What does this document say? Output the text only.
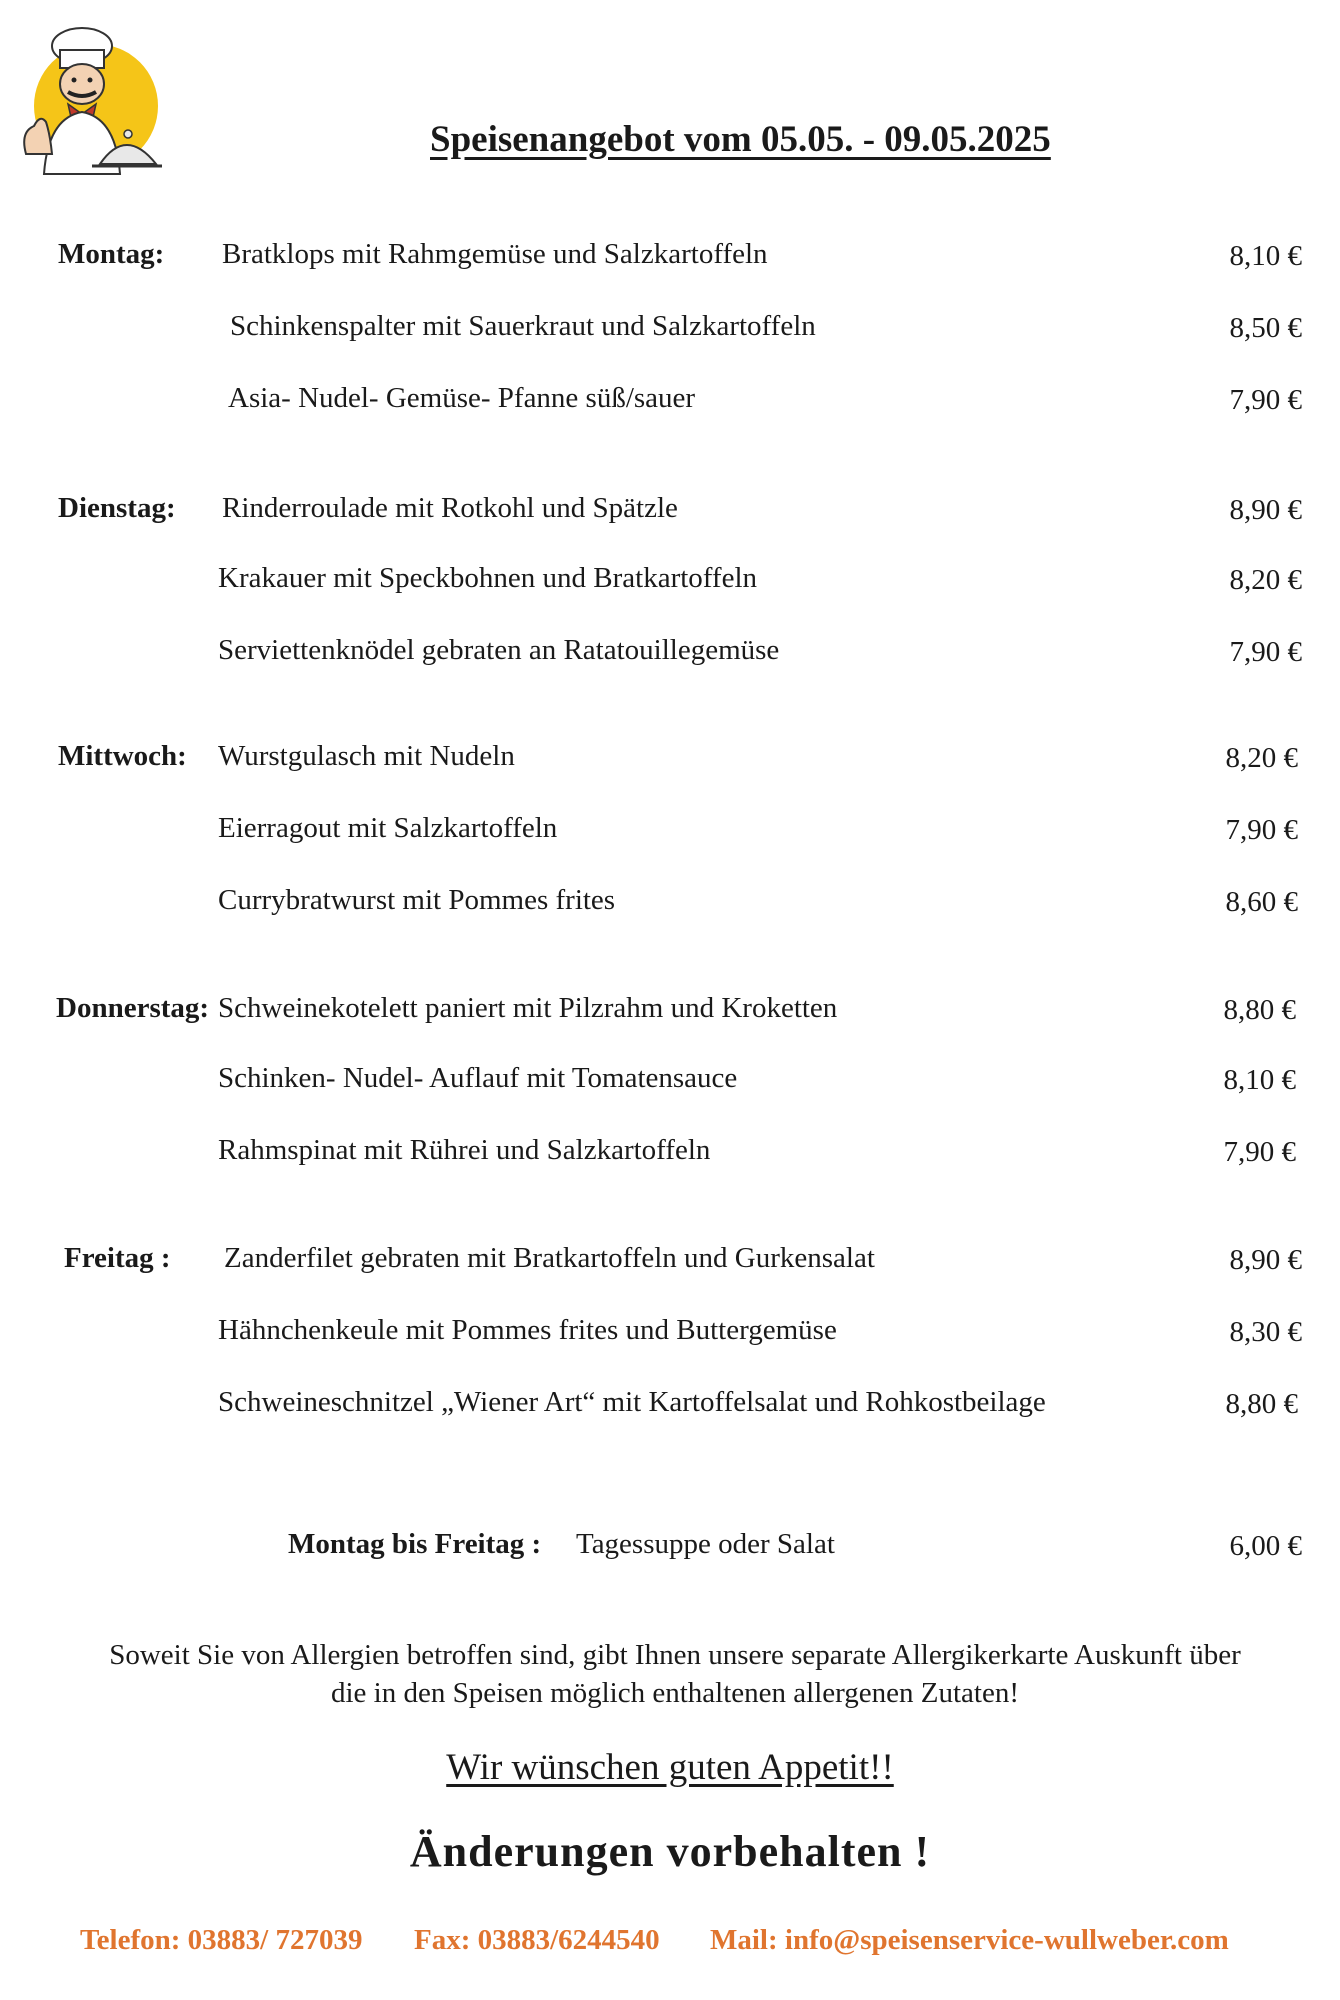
Speisenangebot vom 05.05. - 09.05.2025
Montag: Bratklops mit Rahmgemüse und Salzkartoffeln	8,10 €
Schinkenspalter mit Sauerkraut und Salzkartoffeln	8,50 €
Asia- Nudel- Gemüse- Pfanne süß/sauer	7,90 €
Dienstag: Rinderroulade mit Rotkohl und Spätzle	8,90 €
Krakauer mit Speckbohnen und Bratkartoffeln	8,20 €
Serviettenknödel gebraten an Ratatouillegemüse	7,90 €
Mittwoch: Wurstgulasch mit Nudeln	8,20 €
Eierragout mit Salzkartoffeln	7,90 €
Currybratwurst mit Pommes frites	8,60 €
Donnerstag: Schweinekotelett paniert mit Pilzrahm und Kroketten	8,80 €
Schinken- Nudel- Auflauf mit Tomatensauce	8,10 €
Rahmspinat mit Rührei und Salzkartoffeln	7,90 €
Freitag : Zanderfilet gebraten mit Bratkartoffeln und Gurkensalat	8,90 €
Hähnchenkeule mit Pommes frites und Buttergemüse	8,30 €
Schweineschnitzel „Wiener Art“ mit Kartoffelsalat und Rohkostbeilage	8,80 €
Montag bis Freitag : Tagessuppe oder Salat	6,00 €
Soweit Sie von Allergien betroffen sind, gibt Ihnen unsere separate Allergikerkarte Auskunft über
die in den Speisen möglich enthaltenen allergenen Zutaten!
Wir wünschen guten Appetit!!
Änderungen vorbehalten !
Telefon: 03883/ 727039 Fax: 03883/6244540 Mail: info@speisenservice-wullweber.com
